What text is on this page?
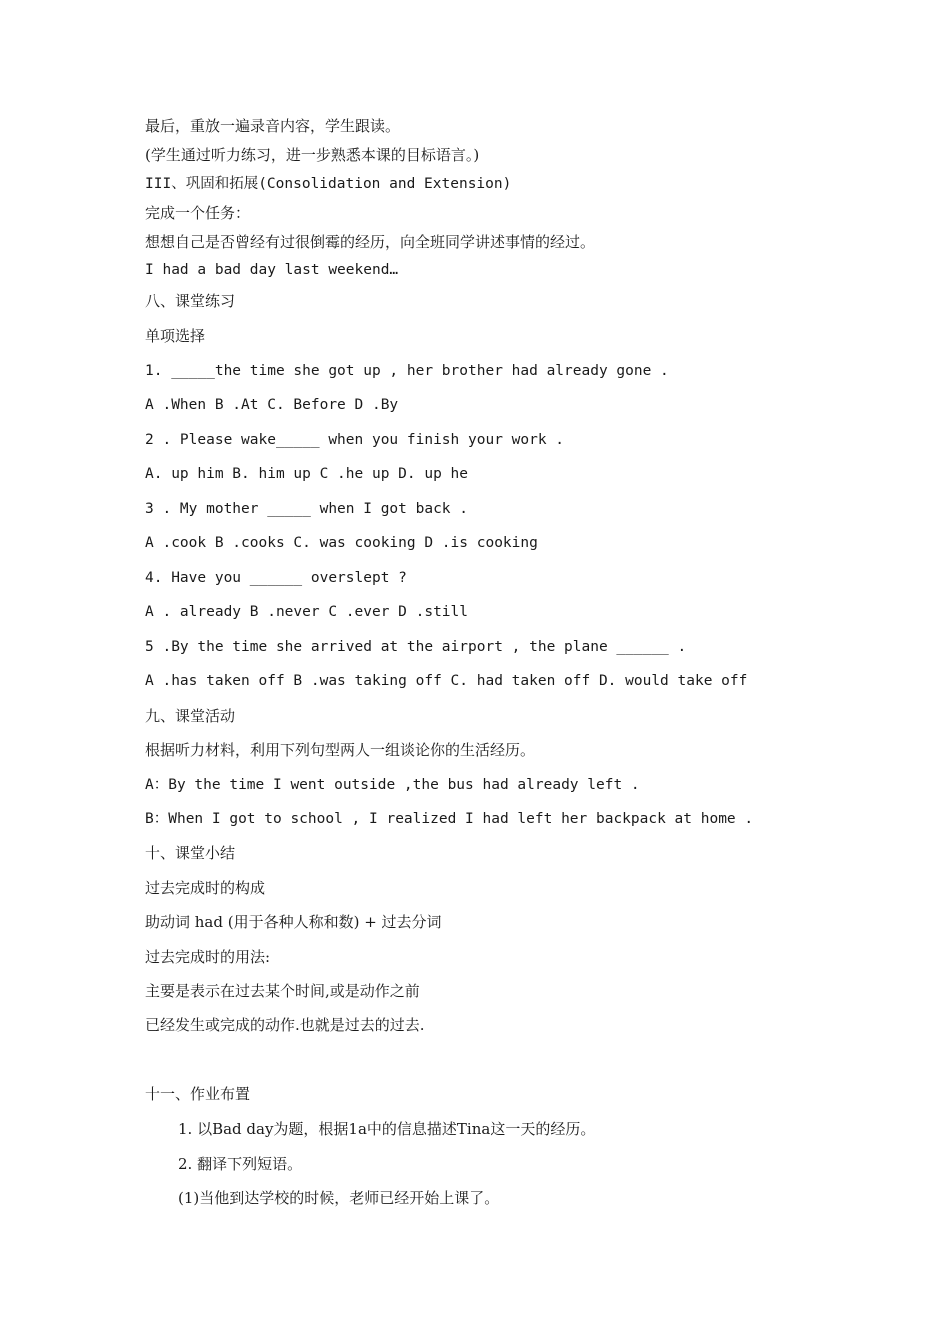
最后，重放一遍录音内容，学生跟读。
(学生通过听力练习，进一步熟悉本课的目标语言。)
III、巩固和拓展(Consolidation and Extension)
完成一个任务：
想想自己是否曾经有过很倒霉的经历，向全班同学讲述事情的经过。
I had a bad day last weekend…
八、课堂练习
单项选择
1. _____the time she got up , her brother had already gone .
A .When B .At C. Before D .By
2 . Please wake_____ when you finish your work .
A. up him B. him up C .he up D. up he
3 . My mother _____ when I got back .
A .cook B .cooks C. was cooking D .is cooking
4. Have you ______ overslept ?
A . already B .never C .ever D .still
5 .By the time she arrived at the airport , the plane ______ .
A .has taken off B .was taking off C. had taken off D. would take off
九、课堂活动
根据听力材料，利用下列句型两人一组谈论你的生活经历。
A：By the time I went outside ,the bus had already left .
B：When I got to school , I realized I had left her backpack at home .
十、课堂小结
过去完成时的构成
助动词 had (用于各种人称和数) + 过去分词
过去完成时的用法:
主要是表示在过去某个时间,或是动作之前
已经发生或完成的动作.也就是过去的过去.
十一、作业布置
1. 以Bad day为题，根据1a中的信息描述Tina这一天的经历。
2. 翻译下列短语。
(1)当他到达学校的时候，老师已经开始上课了。
